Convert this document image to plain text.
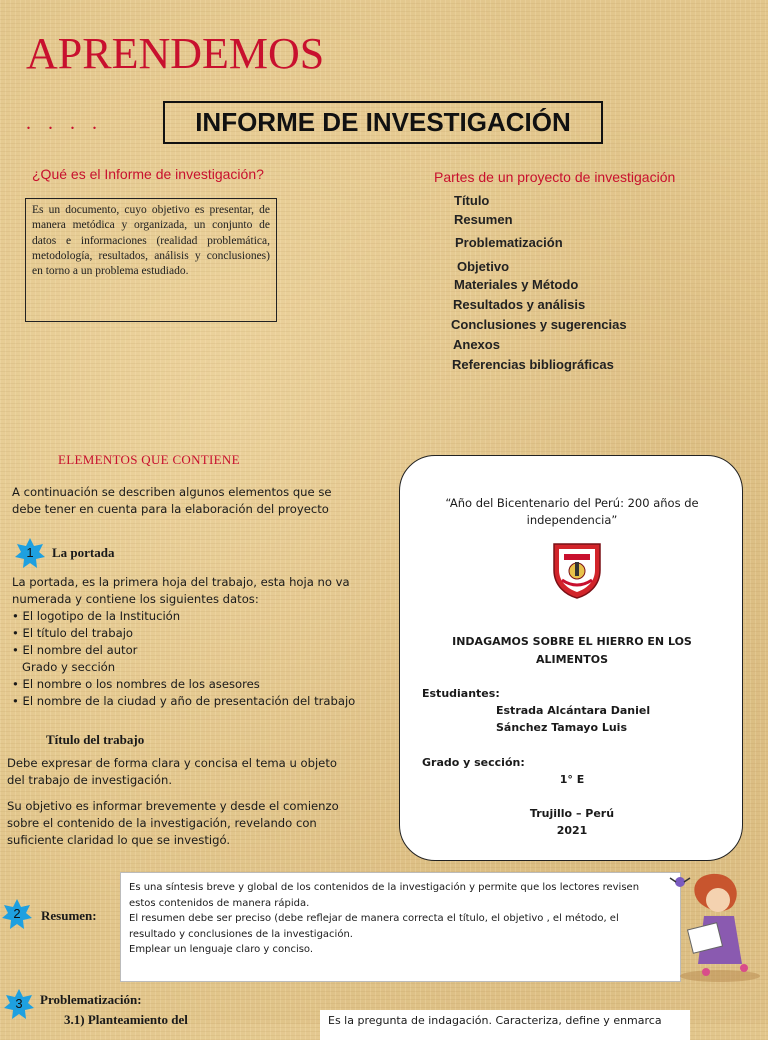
APRENDEMOS
. . . .	INFORME DE INVESTIGACIÓN
¿Qué es el Informe de investigación?
Es un documento, cuyo objetivo es presentar, de manera metódica y organizada, un conjunto de datos e informaciones (realidad problemática, metodología, resultados, análisis y conclusiones) en torno a un problema estudiado.
Partes de un proyecto de investigación
Título
Resumen
Problematización
Objetivo
Materiales y Método
Resultados y análisis
Conclusiones y sugerencias
Anexos
Referencias bibliográficas
ELEMENTOS QUE CONTIENE
A continuación se describen algunos elementos que se
debe tener en cuenta para la elaboración del proyecto
1	La portada
La portada, es la primera hoja del trabajo, esta hoja no va
numerada y contiene los siguientes datos:
• El logotipo de la Institución
• El título del trabajo
• El nombre del autor
Grado y sección
• El nombre o los nombres de los asesores
• El nombre de la ciudad y año de presentación del trabajo
Título del trabajo
Debe expresar de forma clara y concisa el tema u objeto
del trabajo de investigación.
Su objetivo es informar brevemente y desde el comienzo
sobre el contenido de la investigación, revelando con
suficiente claridad lo que se investigó.
“Año del Bicentenario del Perú: 200 años de
independencia”
INDAGAMOS SOBRE EL HIERRO EN LOS
ALIMENTOS
Estudiantes:
Estrada Alcántara Daniel
Sánchez Tamayo Luis
Grado y sección:
1° E
Trujillo – Perú
2021
2	Resumen:
Es una síntesis breve y global de los contenidos de la investigación y permite que los lectores revisen
estos contenidos de manera rápida.
El resumen debe ser preciso (debe reflejar de manera correcta el título, el objetivo , el método, el
resultado y conclusiones de la investigación.
Emplear un lenguaje claro y conciso.
3	Problematización:
3.1) Planteamiento del	Es la pregunta de indagación. Caracteriza, define y enmarca
